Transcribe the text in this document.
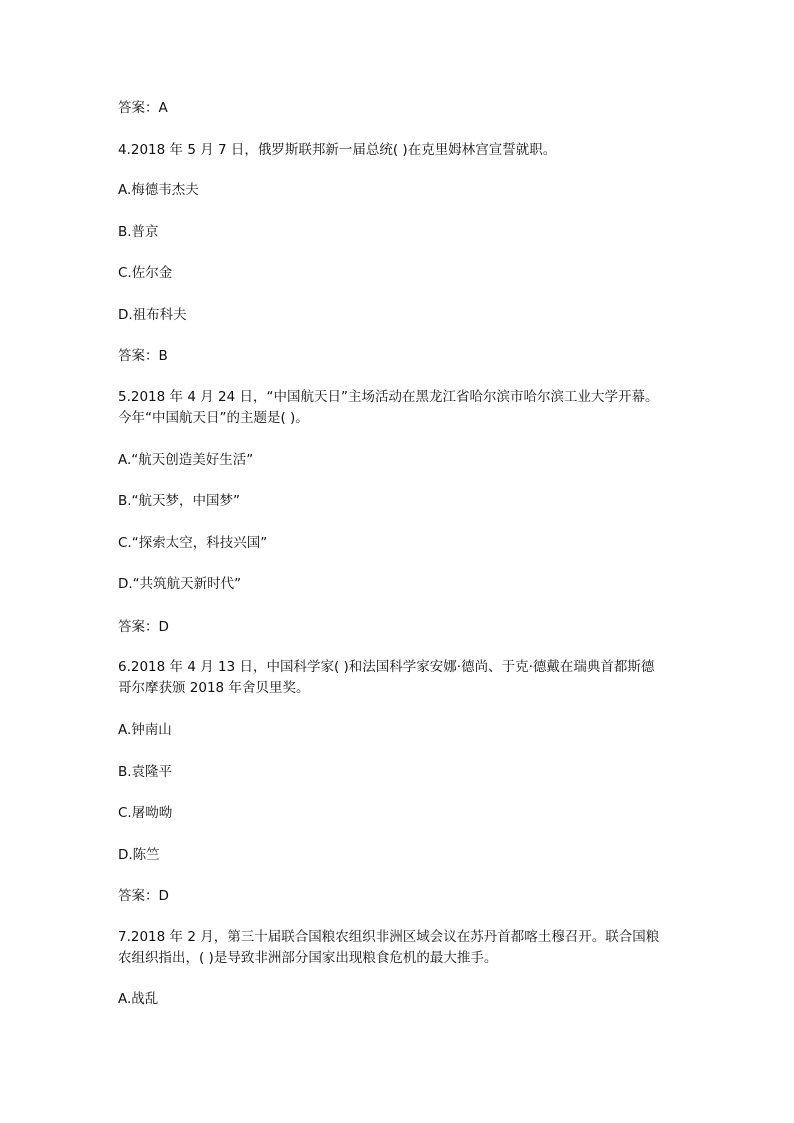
答案：A
4.2018 年 5 月 7 日，俄罗斯联邦新一届总统( )在克里姆林宫宣誓就职。
A.梅德韦杰夫
B.普京
C.佐尔金
D.祖布科夫
答案：B
5.2018 年 4 月 24 日，“中国航天日”主场活动在黑龙江省哈尔滨市哈尔滨工业大学开幕。
今年“中国航天日”的主题是( )。
A.“航天创造美好生活”
B.“航天梦，中国梦”
C.“探索太空，科技兴国”
D.“共筑航天新时代”
答案：D
6.2018 年 4 月 13 日，中国科学家( )和法国科学家安娜·德尚、于克·德戴在瑞典首都斯德
哥尔摩获颁 2018 年舍贝里奖。
A.钟南山
B.袁隆平
C.屠呦呦
D.陈竺
答案：D
7.2018 年 2 月，第三十届联合国粮农组织非洲区域会议在苏丹首都喀土穆召开。联合国粮
农组织指出，( )是导致非洲部分国家出现粮食危机的最大推手。
A.战乱
